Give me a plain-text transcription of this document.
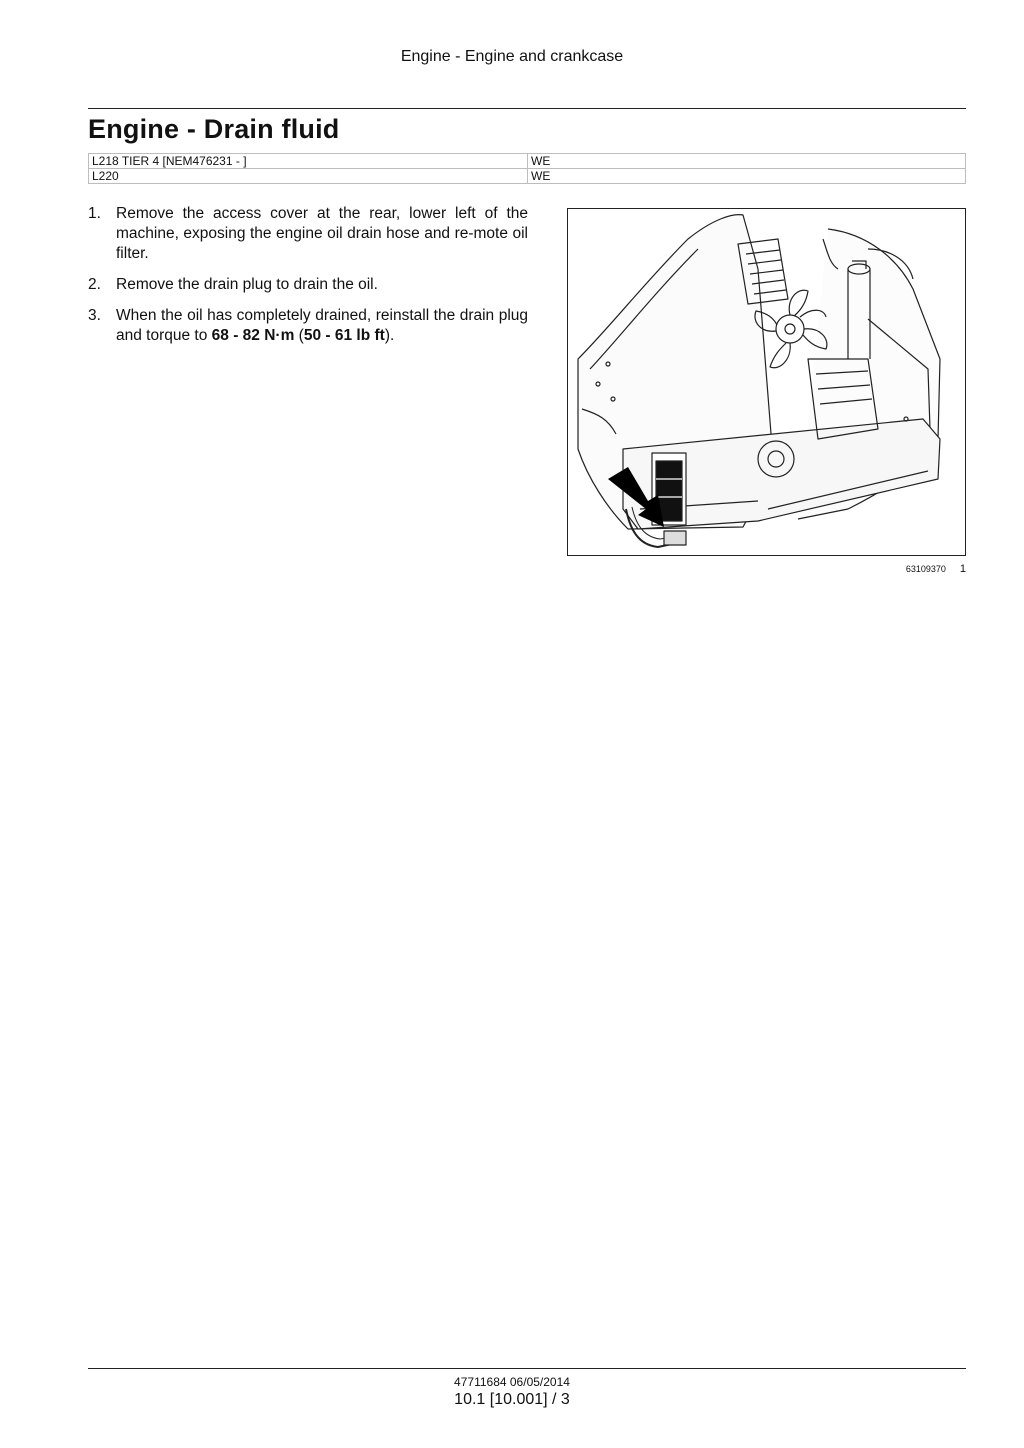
Engine - Engine and crankcase
Engine - Drain fluid
L218 TIER 4 [NEM476231 - ]	WE
L220	WE
1. Remove the access cover at the rear, lower left of the machine, exposing the engine oil drain hose and re-mote oil filter.
2. Remove the drain plug to drain the oil.
3. When the oil has completely drained, reinstall the drain plug and torque to 68 - 82 N·m (50 - 61 lb ft).
63109370 1
47711684 06/05/2014
10.1 [10.001] / 3
